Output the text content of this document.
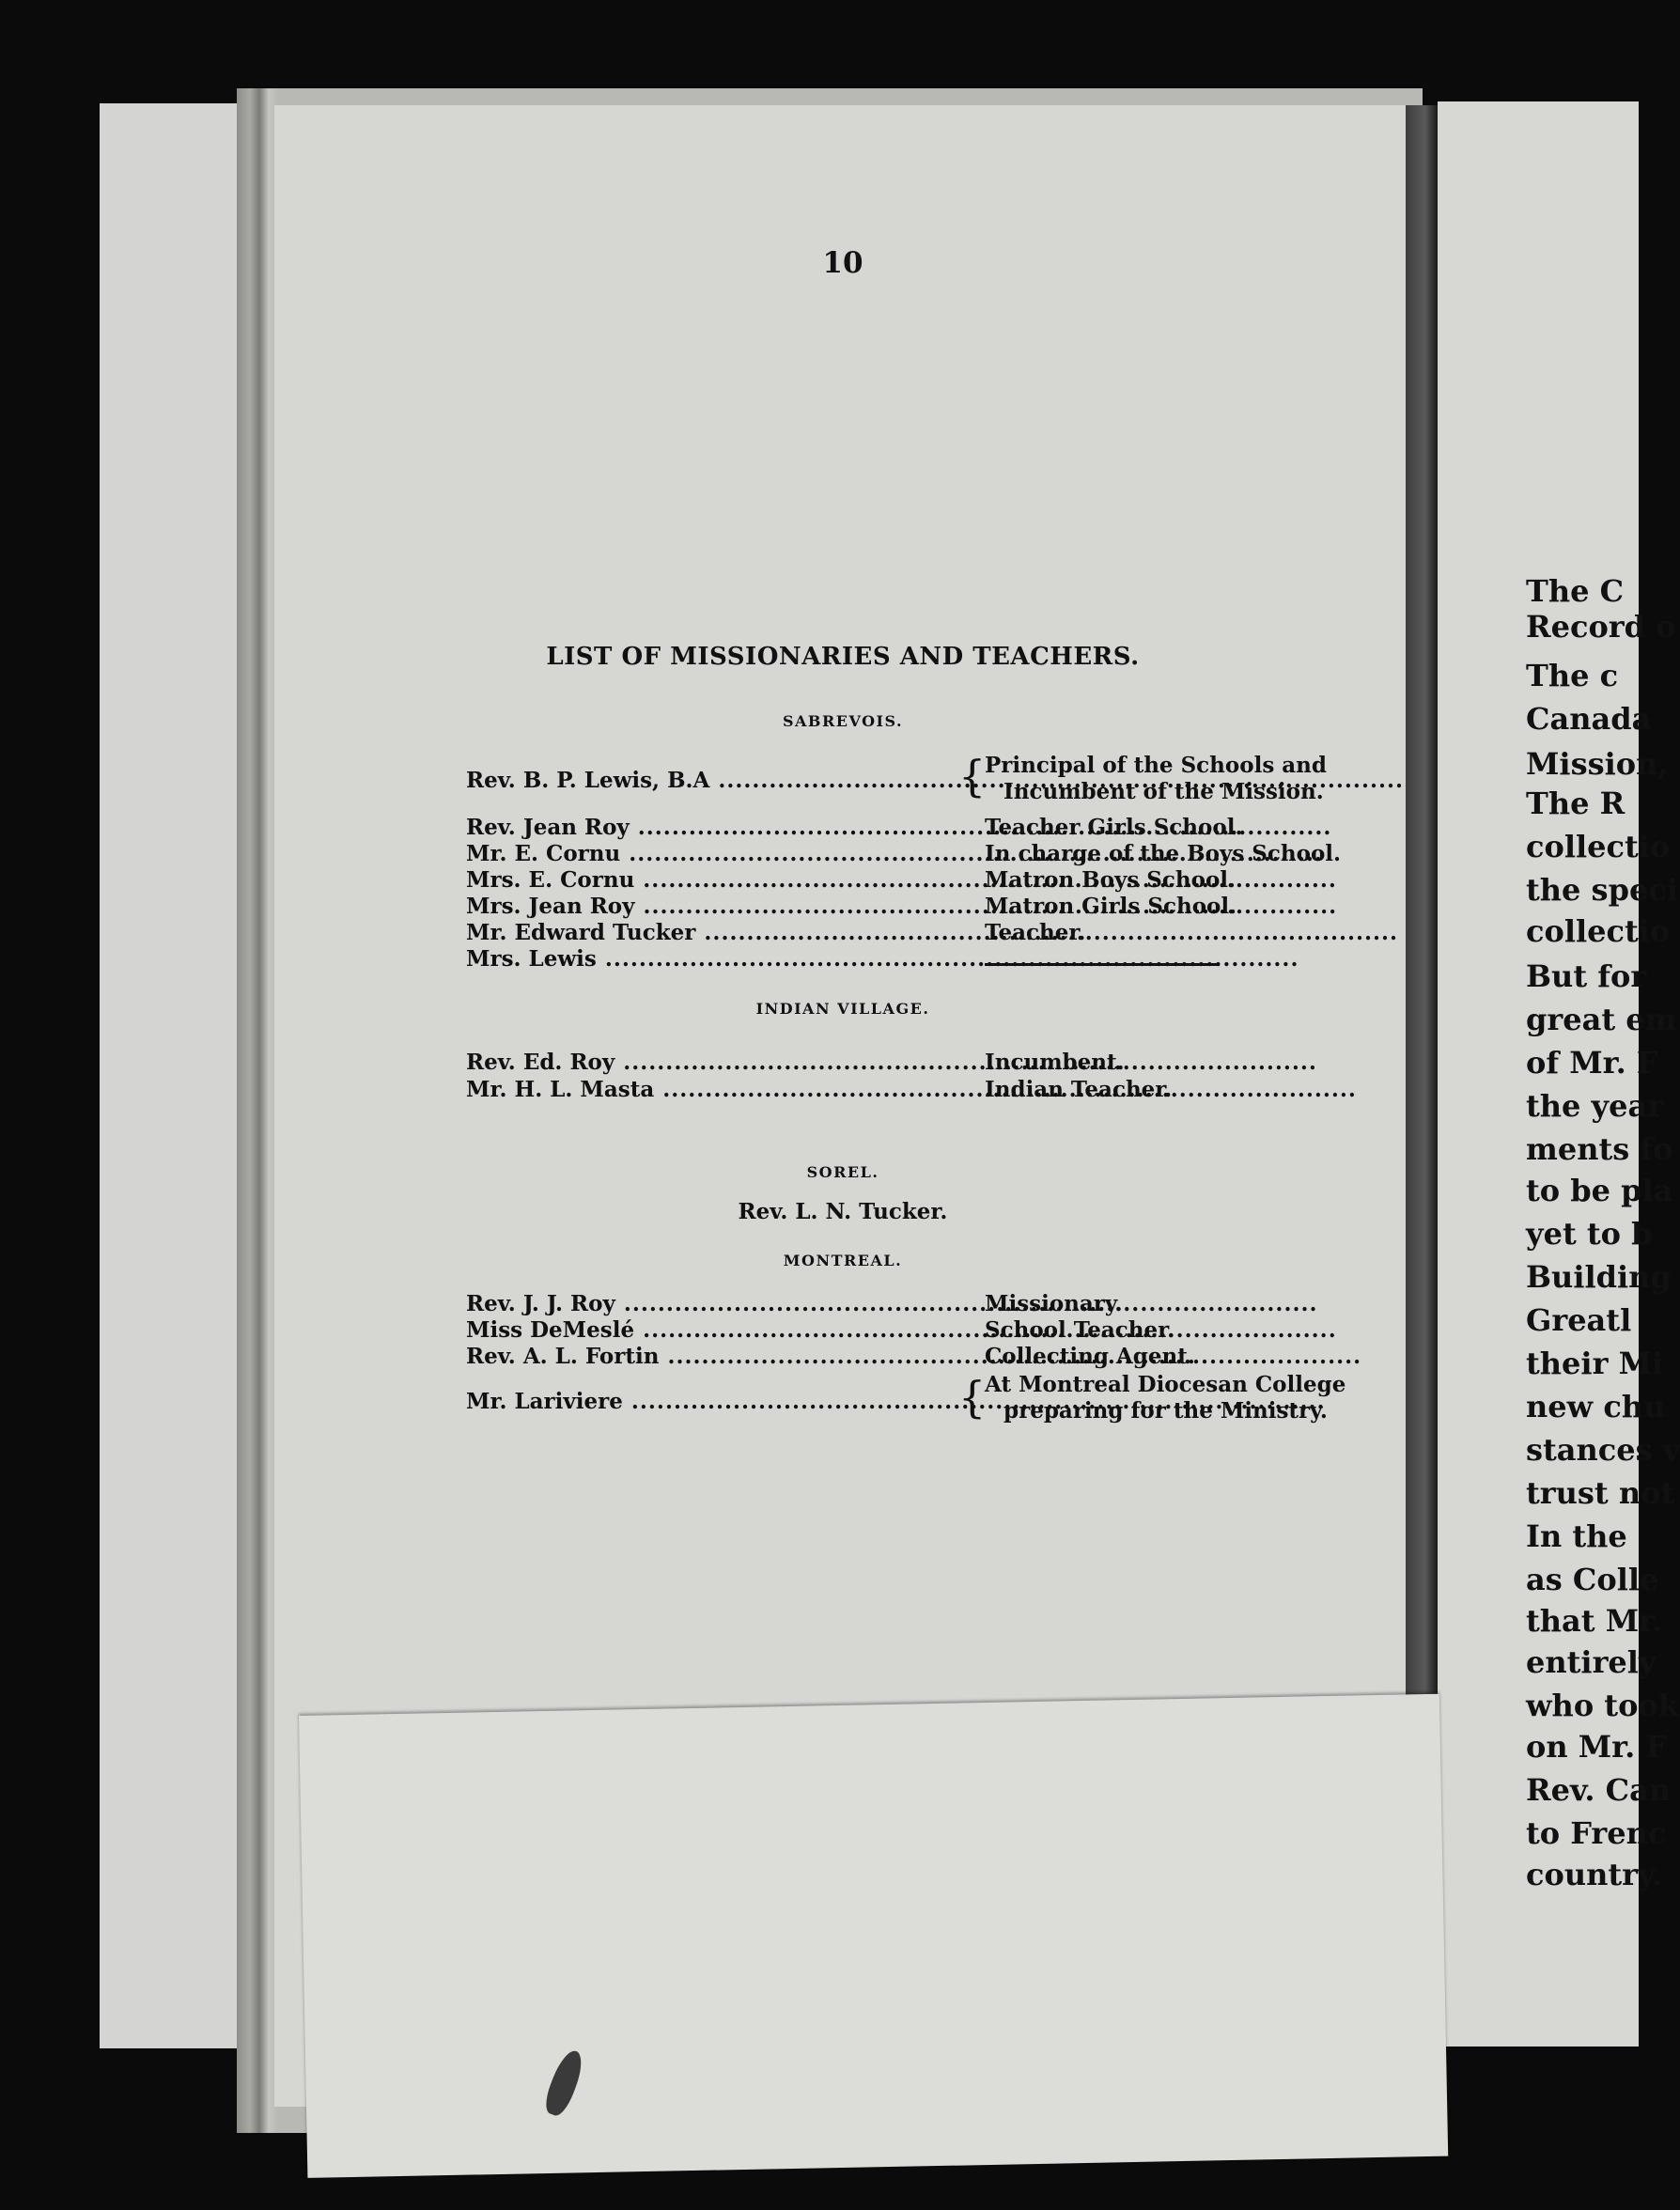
10
LIST OF MISSIONARIES AND TEACHERS.
SABREVOIS.
Rev. B. P. Lewis, B.A .....	{
Principal of the Schools and
Incumbent of the Mission.
Rev. Jean Roy .....	Teacher Girls School.
Mr. E. Cornu .....	In charge of the Boys School.
Mrs. E. Cornu .....	Matron Boys School.
Mrs. Jean Roy .....	Matron Girls School.
Mr. Edward Tucker .....	Teacher.
Mrs. Lewis .....
INDIAN VILLAGE.
Rev. Ed. Roy .....	Incumbent.
Mr. H. L. Masta .....	Indian Teacher.
SOREL.
Rev. L. N. Tucker.
MONTREAL.
Rev. J. J. Roy .....	Missionary.
Miss DeMeslé .....	School Teacher.
Rev. A. L. Fortin .....	Collecting Agent.
Mr. Lariviere .....	{
At Montreal Diocesan College
preparing for the Ministry.
The C
Record o
The c
Canada
Mission,
The R
collectio
the speci
collectio
But for
great em
of Mr. F
the year
ments fo
to be pla
yet to b
Building
Greatl
their Mi
new chu
stances v
trust not
In the
as Colle
that Mr.
entirely
who took
on Mr. F
Rev. Can
to Frenc
country.
